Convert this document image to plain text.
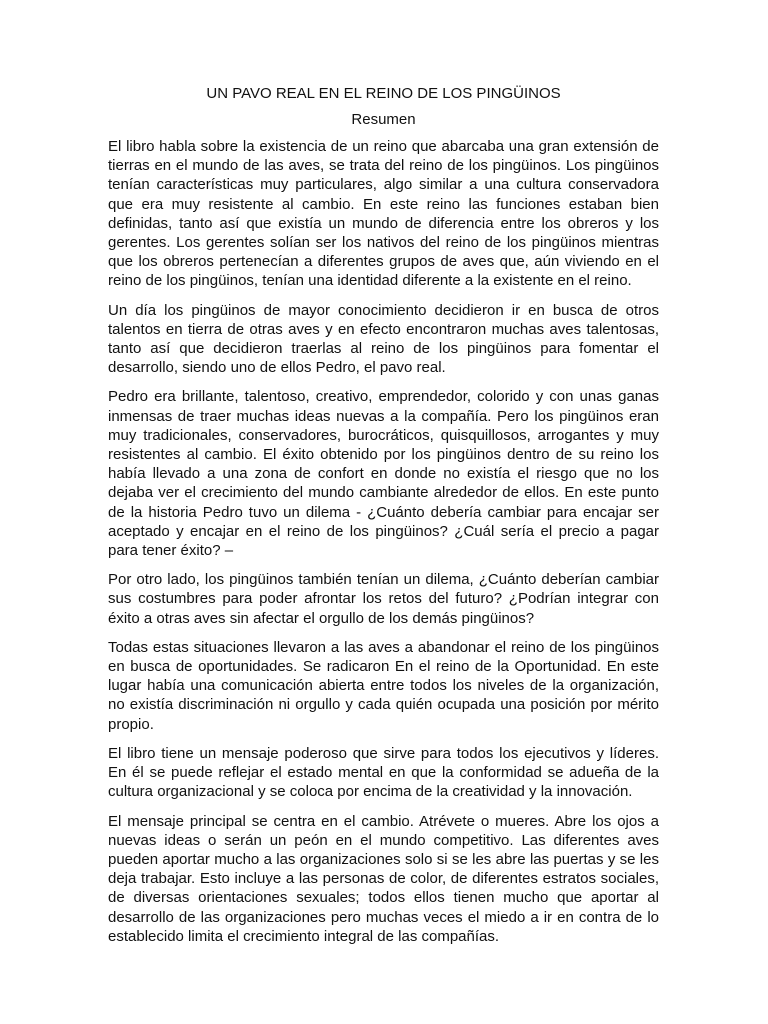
UN PAVO REAL EN EL REINO DE LOS PINGÜINOS
Resumen

El libro habla sobre la existencia de un reino que abarcaba una gran extensión de tierras en el mundo de las aves, se trata del reino de los pingüinos. Los pingüinos tenían características muy particulares, algo similar a una cultura conservadora que era muy resistente al cambio. En este reino las funciones estaban bien definidas, tanto así que existía un mundo de diferencia entre los obreros y los gerentes. Los gerentes solían ser los nativos del reino de los pingüinos mientras que los obreros pertenecían a diferentes grupos de aves que, aún viviendo en el reino de los pingüinos, tenían una identidad diferente a la existente en el reino.

Un día los pingüinos de mayor conocimiento decidieron ir en busca de otros talentos en tierra de otras aves y en efecto encontraron muchas aves talentosas, tanto así que decidieron traerlas al reino de los pingüinos para fomentar el desarrollo, siendo uno de ellos Pedro, el pavo real.

Pedro era brillante, talentoso, creativo, emprendedor, colorido y con unas ganas inmensas de traer muchas ideas nuevas a la compañía. Pero los pingüinos eran muy tradicionales, conservadores, burocráticos, quisquillosos, arrogantes y muy resistentes al cambio. El éxito obtenido por los pingüinos dentro de su reino los había llevado a una zona de confort en donde no existía el riesgo que no los dejaba ver el crecimiento del mundo cambiante alrededor de ellos. En este punto de la historia Pedro tuvo un dilema - ¿Cuánto debería cambiar para encajar ser aceptado y encajar en el reino de los pingüinos? ¿Cuál sería el precio a pagar para tener éxito? –

Por otro lado, los pingüinos también tenían un dilema, ¿Cuánto deberían cambiar sus costumbres para poder afrontar los retos del futuro? ¿Podrían integrar con éxito a otras aves sin afectar el orgullo de los demás pingüinos?

Todas estas situaciones llevaron a las aves a abandonar el reino de los pingüinos en busca de oportunidades. Se radicaron En el reino de la Oportunidad. En este lugar había una comunicación abierta entre todos los niveles de la organización, no existía discriminación ni orgullo y cada quién ocupada una posición por mérito propio.

El libro tiene un mensaje poderoso que sirve para todos los ejecutivos y líderes. En él se puede reflejar el estado mental en que la conformidad se adueña de la cultura organizacional y se coloca por encima de la creatividad y la innovación.

El mensaje principal se centra en el cambio. Atrévete o mueres. Abre los ojos a nuevas ideas o serán un peón en el mundo competitivo. Las diferentes aves pueden aportar mucho a las organizaciones solo si se les abre las puertas y se les deja trabajar. Esto incluye a las personas de color, de diferentes estratos sociales, de diversas orientaciones sexuales; todos ellos tienen mucho que aportar al desarrollo de las organizaciones pero muchas veces el miedo a ir en contra de lo establecido limita el crecimiento integral de las compañías.
